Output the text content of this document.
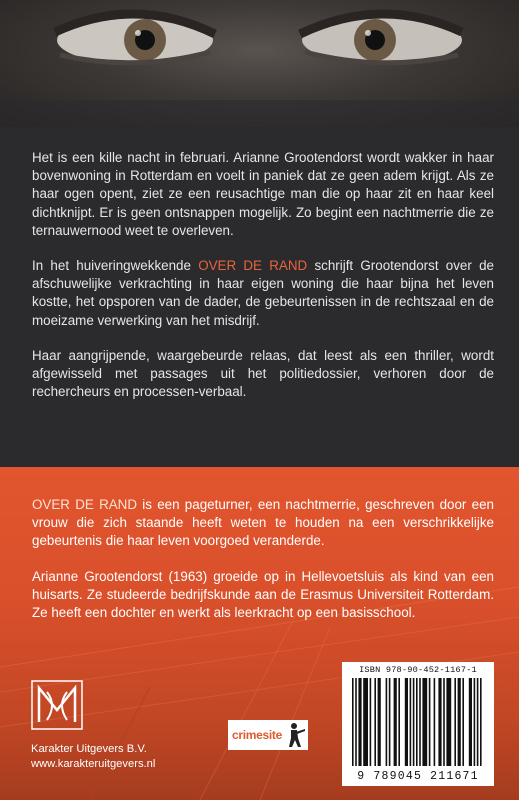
Het is een kille nacht in februari. Arianne Grootendorst wordt wakker in haar bovenwoning in Rotterdam en voelt in paniek dat ze geen adem krijgt. Als ze haar ogen opent, ziet ze een reusachtige man die op haar zit en haar keel dichtknijpt. Er is geen ontsnappen mogelijk. Zo begint een nachtmerrie die ze ternauwernood weet te overleven.

In het huiveringwekkende OVER DE RAND schrijft Grootendorst over de afschuwelijke verkrachting in haar eigen woning die haar bijna het leven kostte, het opsporen van de dader, de gebeurtenissen in de rechtszaal en de moeizame verwerking van het misdrijf.

Haar aangrijpende, waargebeurde relaas, dat leest als een thriller, wordt afgewisseld met passages uit het politiedossier, verhoren door de rechercheurs en processen-verbaal.

OVER DE RAND is een pageturner, een nachtmerrie, geschreven door een vrouw die zich staande heeft weten te houden na een verschrikkelijke gebeurtenis die haar leven voorgoed veranderde.

Arianne Grootendorst (1963) groeide op in Hellevoetsluis als kind van een huisarts. Ze studeerde bedrijfskunde aan de Erasmus Universiteit Rotterdam. Ze heeft een dochter en werkt als leerkracht op een basisschool.

Karakter Uitgevers B.V.
www.karakteruitgevers.nl
crimesite
ISBN 978-90-452-1167-1
9 789045 211671
